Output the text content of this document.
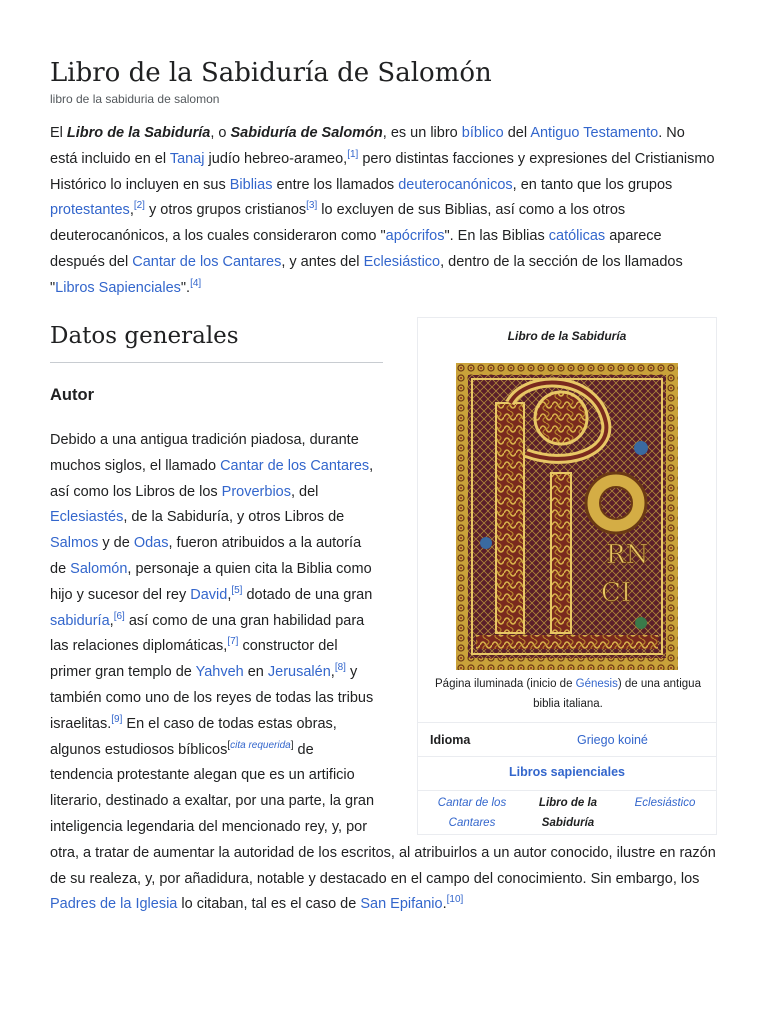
Libro de la Sabiduría de Salomón
libro de la sabiduria de salomon

El Libro de la Sabiduría, o Sabiduría de Salomón, es un libro bíblico del Antiguo Testamento. No está incluido en el Tanaj judío hebreo-arameo,[1] pero distintas facciones y expresiones del Cristianismo Histórico lo incluyen en sus Biblias entre los llamados deuterocanónicos, en tanto que los grupos protestantes,[2] y otros grupos cristianos[3] lo excluyen de sus Biblias, así como a los otros deuterocanónicos, a los cuales consideraron como "apócrifos". En las Biblias católicas aparece después del Cantar de los Cantares, y antes del Eclesiástico, dentro de la sección de los llamados "Libros Sapienciales".[4]

Datos generales
Autor

Debido a una antigua tradición piadosa, durante muchos siglos, el llamado Cantar de los Cantares, así como los Libros de los Proverbios, del Eclesiastés, de la Sabiduría, y otros Libros de Salmos y de Odas, fueron atribuidos a la autoría de Salomón, personaje a quien cita la Biblia como hijo y sucesor del rey David,[5] dotado de una gran sabiduría,[6] así como de una gran habilidad para las relaciones diplomáticas,[7] constructor del primer gran templo de Yahveh en Jerusalén,[8] y también como uno de los reyes de todas las tribus israelitas.[9] En el caso de todas estas obras, algunos estudiosos bíblicos[cita requerida] de tendencia protestante alegan que es un artificio literario, destinado a exaltar, por una parte, la gran inteligencia legendaria del mencionado rey, y, por otra, a tratar de aumentar la autoridad de los escritos, al atribuirlos a un autor conocido, ilustre en razón de su realeza, y, por añadidura, notable y destacado en el campo del conocimiento. Sin embargo, los Padres de la Iglesia lo citaban, tal es el caso de San Epifanio.[10]

Libro de la Sabiduría
RN
CI
Página iluminada (inicio de Génesis) de una antigua biblia italiana.
Idioma	Griego koiné
Libros sapienciales
Cantar de los Cantares
Libro de la Sabiduría
Eclesiástico
